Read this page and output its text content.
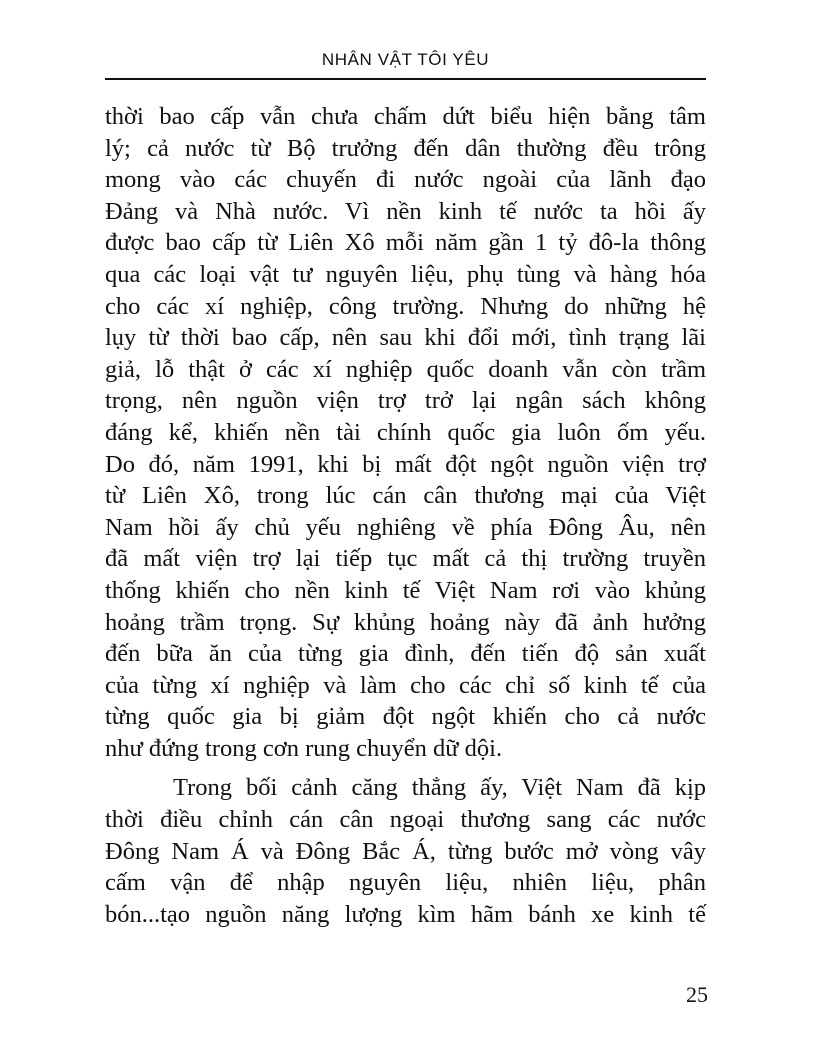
NHÂN VẬT TÔI YÊU

thời bao cấp vẫn chưa chấm dứt biểu hiện bằng tâm
lý; cả nước từ Bộ trưởng đến dân thường đều trông
mong vào các chuyến đi nước ngoài của lãnh đạo
Đảng và Nhà nước. Vì nền kinh tế nước ta hồi ấy
được bao cấp từ Liên Xô mỗi năm gần 1 tỷ đô-la thông
qua các loại vật tư nguyên liệu, phụ tùng và hàng hóa
cho các xí nghiệp, công trường. Nhưng do những hệ
lụy từ thời bao cấp, nên sau khi đổi mới, tình trạng lãi
giả, lỗ thật ở các xí nghiệp quốc doanh vẫn còn trầm
trọng, nên nguồn viện trợ trở lại ngân sách không
đáng kể, khiến nền tài chính quốc gia luôn ốm yếu.
Do đó, năm 1991, khi bị mất đột ngột nguồn viện trợ
từ Liên Xô, trong lúc cán cân thương mại của Việt
Nam hồi ấy chủ yếu nghiêng về phía Đông Âu, nên
đã mất viện trợ lại tiếp tục mất cả thị trường truyền
thống khiến cho nền kinh tế Việt Nam rơi vào khủng
hoảng trầm trọng. Sự khủng hoảng này đã ảnh hưởng
đến bữa ăn của từng gia đình, đến tiến độ sản xuất
của từng xí nghiệp và làm cho các chỉ số kinh tế của
từng quốc gia bị giảm đột ngột khiến cho cả nước
như đứng trong cơn rung chuyển dữ dội.

Trong bối cảnh căng thẳng ấy, Việt Nam đã kịp
thời điều chỉnh cán cân ngoại thương sang các nước
Đông Nam Á và Đông Bắc Á, từng bước mở vòng vây
cấm vận để nhập nguyên liệu, nhiên liệu, phân
bón...tạo nguồn năng lượng kìm hãm bánh xe kinh tế

25
